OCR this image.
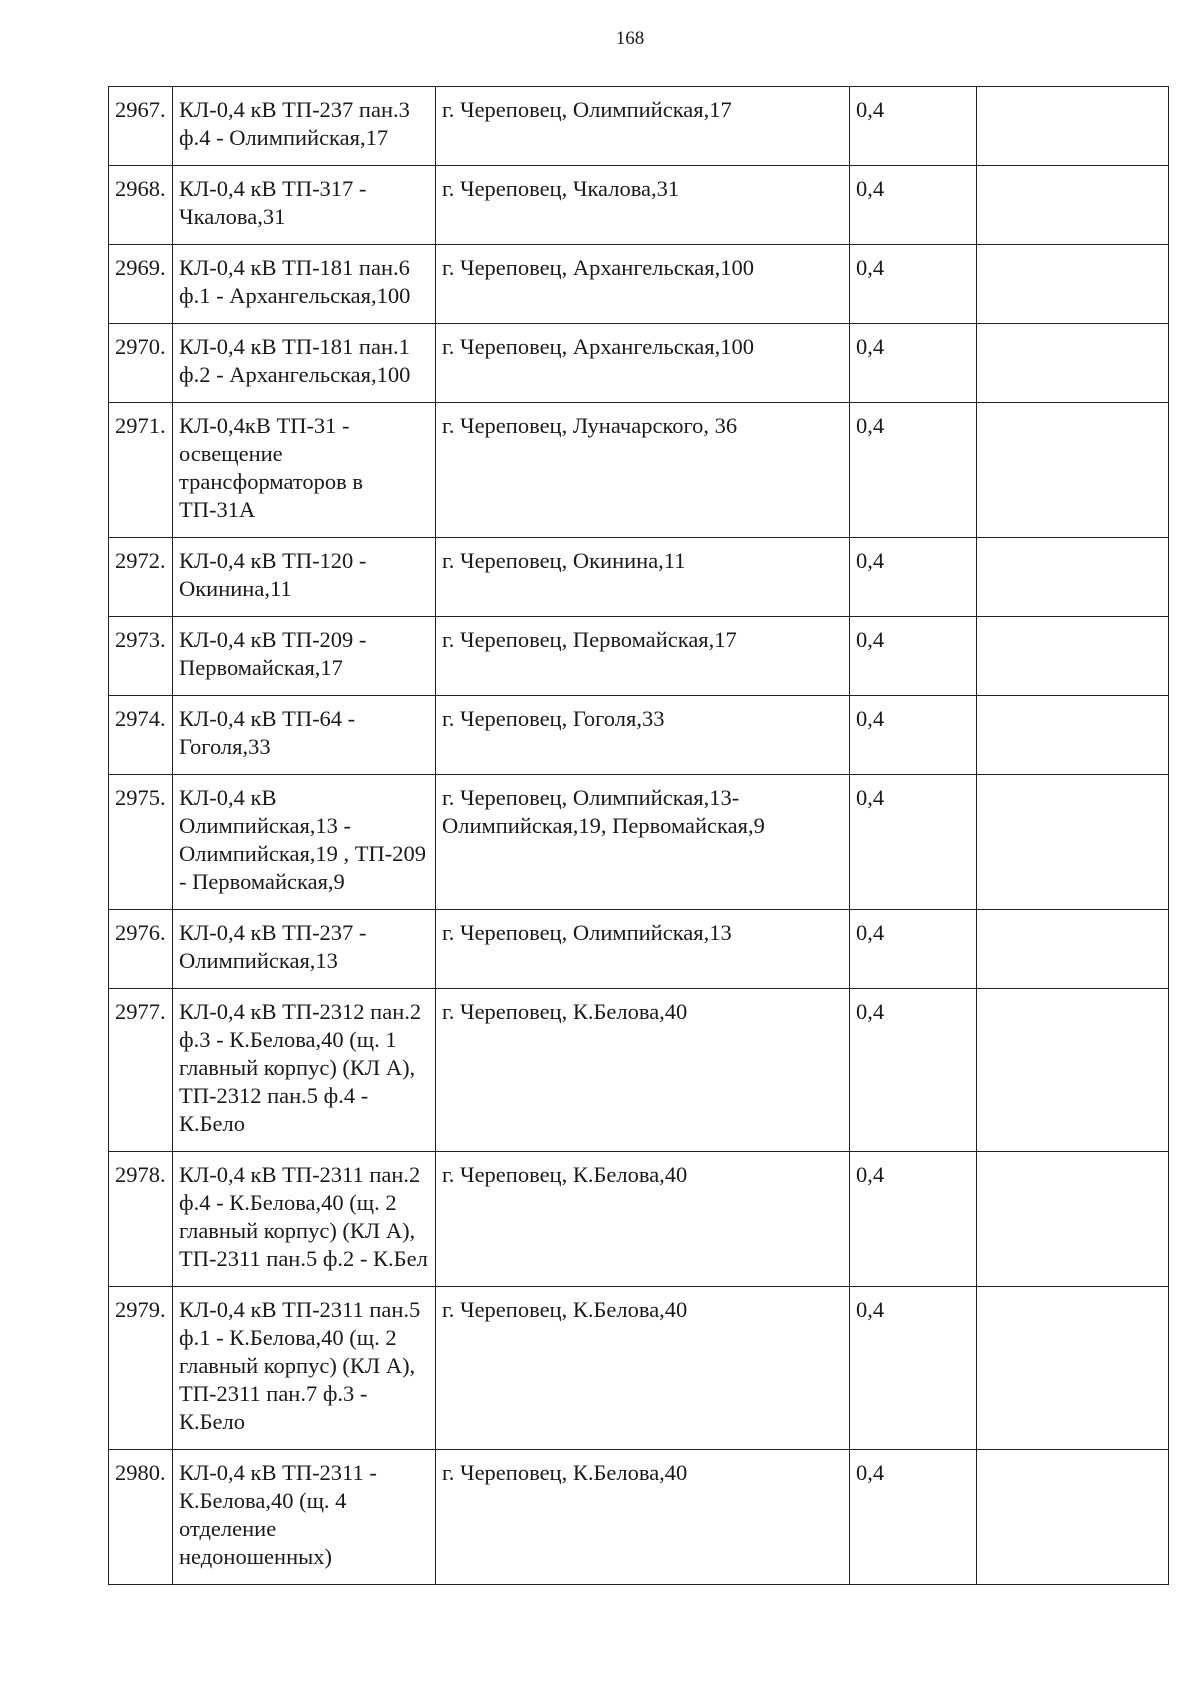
168
2967.	КЛ-0,4 кВ ТП-237 пан.3 ф.4 - Олимпийская,17	г. Череповец, Олимпийская,17	0,4	
2968.	КЛ-0,4 кВ ТП-317 - Чкалова,31	г. Череповец, Чкалова,31	0,4	
2969.	КЛ-0,4 кВ ТП-181 пан.6 ф.1 - Архангельская,100	г. Череповец, Архангельская,100	0,4	
2970.	КЛ-0,4 кВ ТП-181 пан.1 ф.2 - Архангельская,100	г. Череповец, Архангельская,100	0,4	
2971.	КЛ-0,4кВ ТП-31 - освещение трансформаторов в ТП-31А	г. Череповец, Луначарского, 36	0,4	
2972.	КЛ-0,4 кВ ТП-120 - Окинина,11	г. Череповец, Окинина,11	0,4	
2973.	КЛ-0,4 кВ ТП-209 - Первомайская,17	г. Череповец, Первомайская,17	0,4	
2974.	КЛ-0,4 кВ ТП-64 - Гоголя,33	г. Череповец, Гоголя,33	0,4	
2975.	КЛ-0,4 кВ Олимпийская,13 - Олимпийская,19 , ТП-209 - Первомайская,9	г. Череповец, Олимпийская,13-Олимпийская,19, Первомайская,9	0,4	
2976.	КЛ-0,4 кВ ТП-237 - Олимпийская,13	г. Череповец, Олимпийская,13	0,4	
2977.	КЛ-0,4 кВ ТП-2312 пан.2 ф.3 - К.Белова,40 (щ. 1 главный корпус) (КЛ А), ТП-2312 пан.5 ф.4 - К.Бело	г. Череповец, К.Белова,40	0,4	
2978.	КЛ-0,4 кВ ТП-2311 пан.2 ф.4 - К.Белова,40 (щ. 2 главный корпус) (КЛ А), ТП-2311 пан.5 ф.2 - К.Бел	г. Череповец, К.Белова,40	0,4	
2979.	КЛ-0,4 кВ ТП-2311 пан.5 ф.1 - К.Белова,40 (щ. 2 главный корпус) (КЛ А), ТП-2311 пан.7 ф.3 - К.Бело	г. Череповец, К.Белова,40	0,4	
2980.	КЛ-0,4 кВ ТП-2311 - К.Белова,40 (щ. 4 отделение недоношенных)	г. Череповец, К.Белова,40	0,4	
